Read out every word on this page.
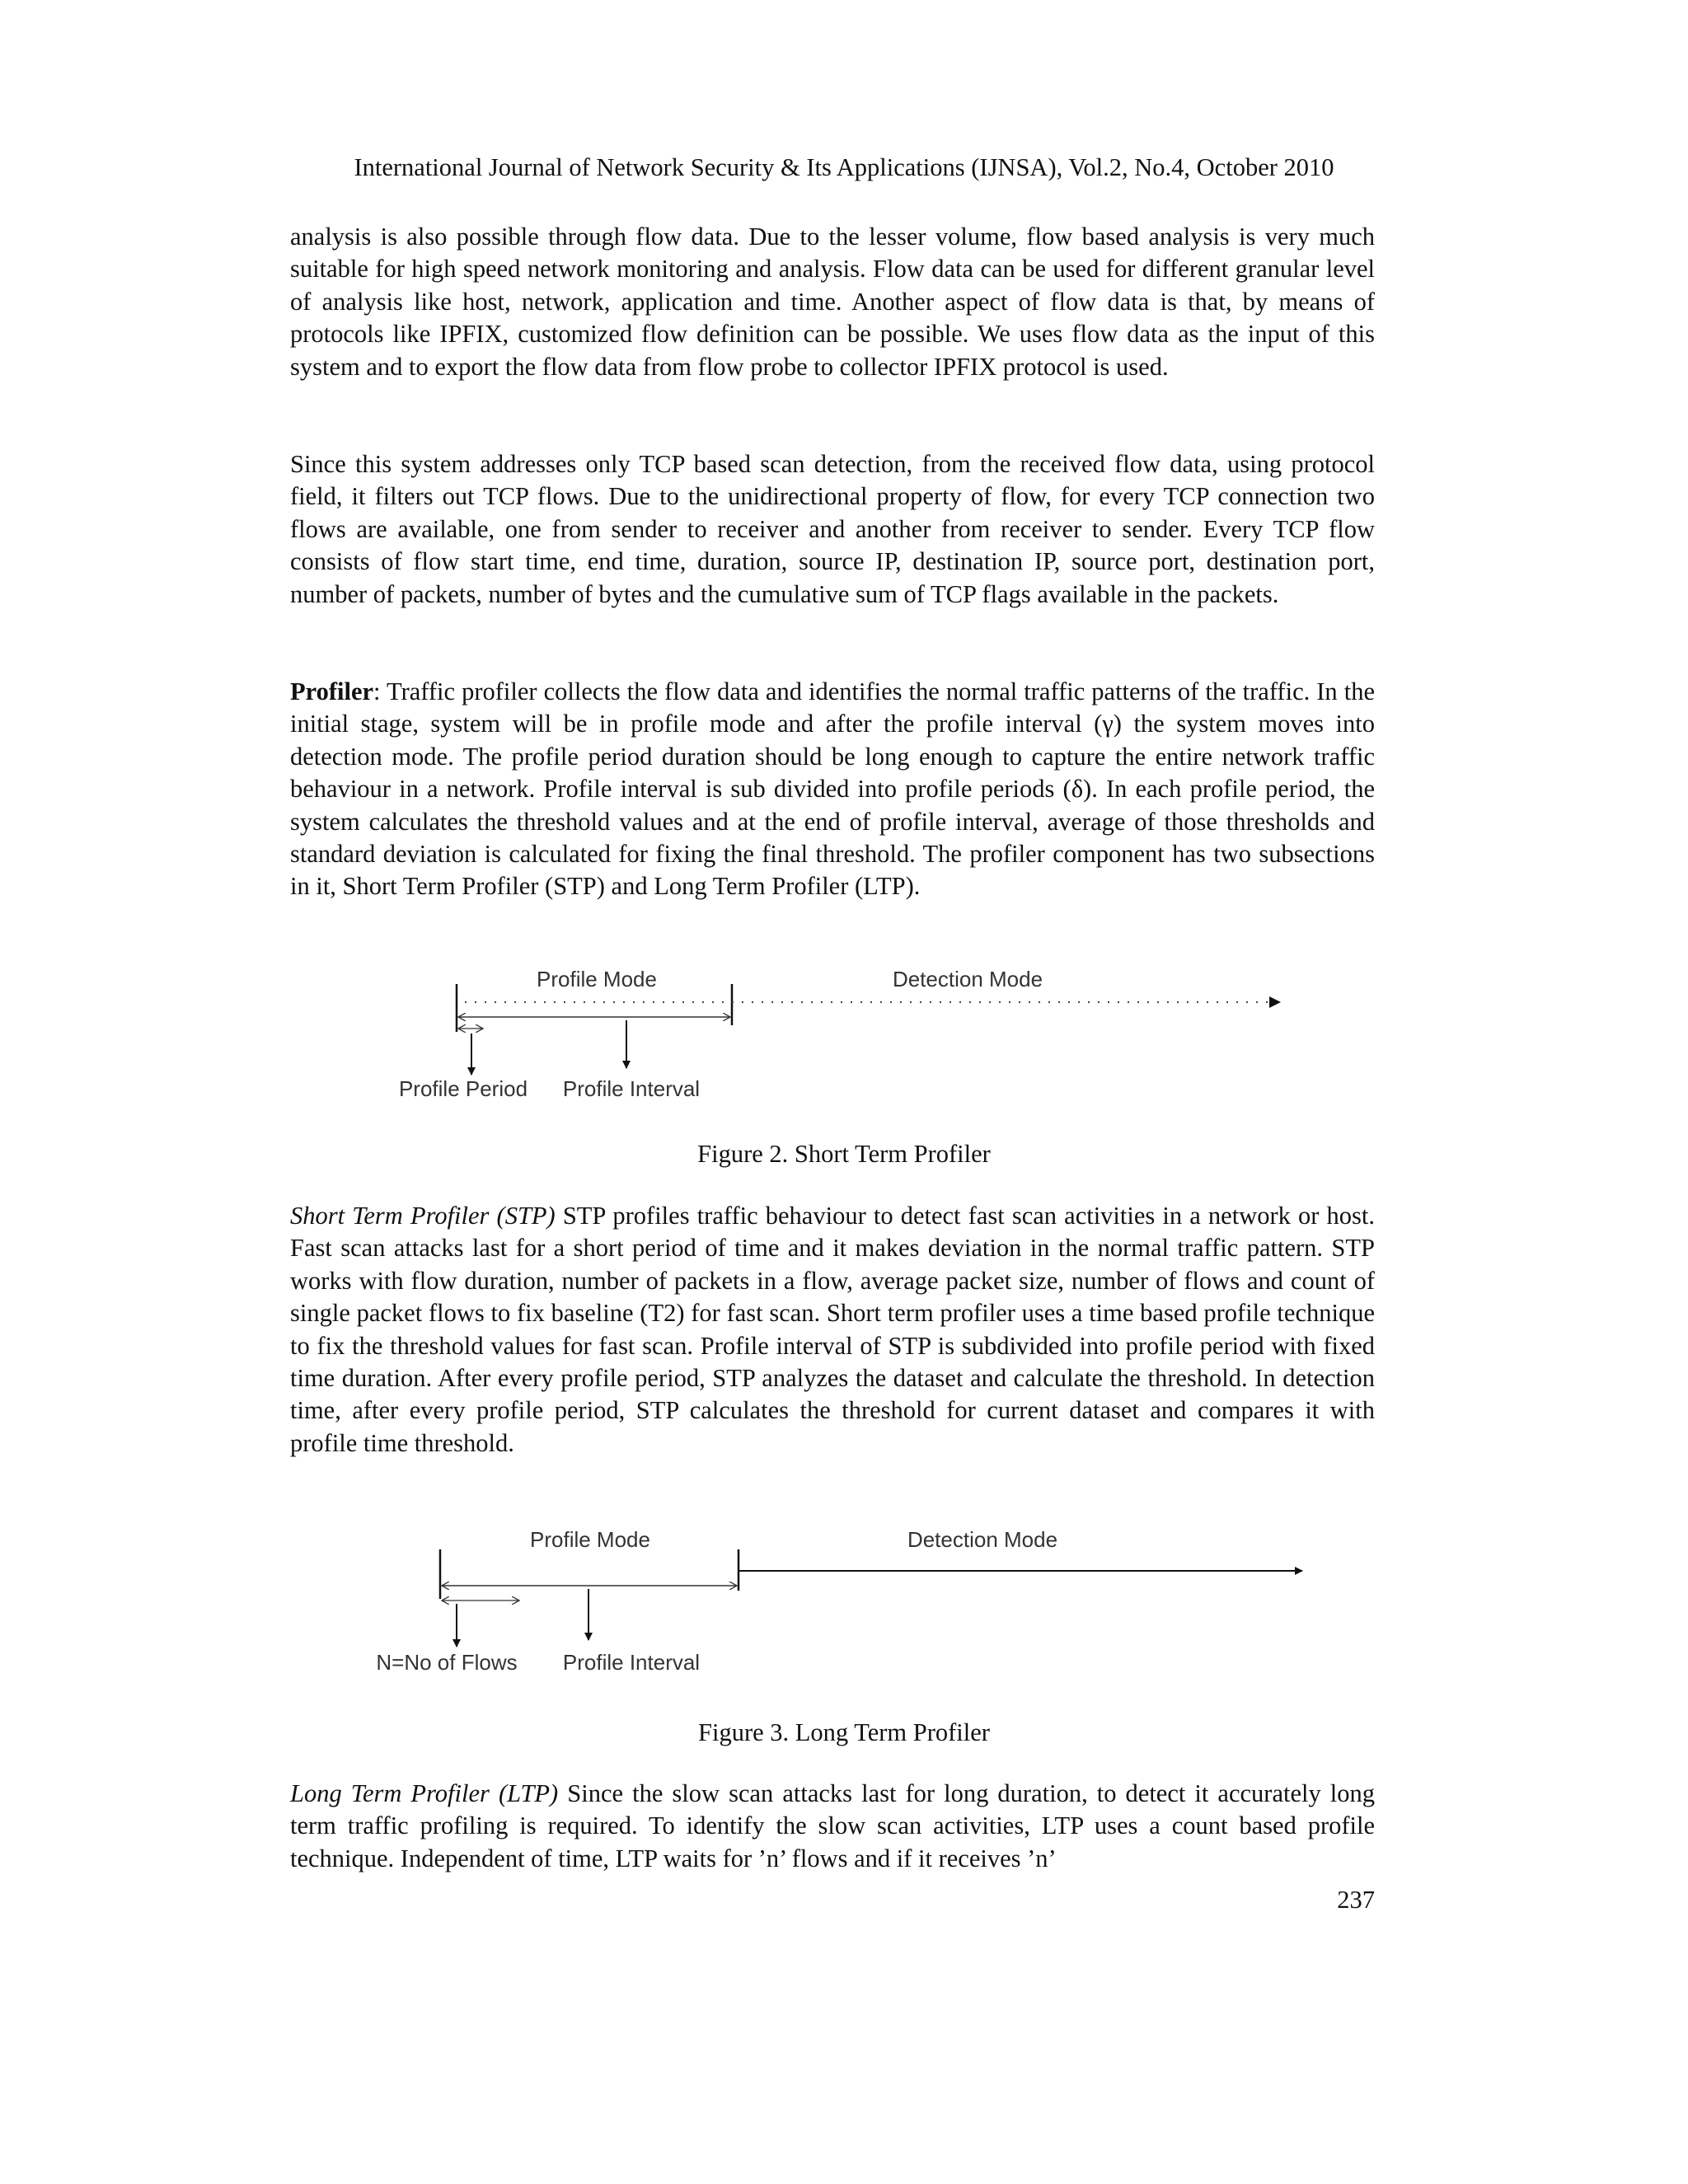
International Journal of Network Security & Its Applications (IJNSA), Vol.2, No.4, October 2010

analysis is also possible through flow data. Due to the lesser volume, flow based analysis is very much suitable for high speed network monitoring and analysis. Flow data can be used for different granular level of analysis like host, network, application and time. Another aspect of flow data is that, by means of protocols like IPFIX, customized flow definition can be possible. We uses flow data as the input of this system and to export the flow data from flow probe to collector IPFIX protocol is used.

Since this system addresses only TCP based scan detection, from the received flow data, using protocol field, it filters out TCP flows. Due to the unidirectional property of flow, for every TCP connection two flows are available, one from sender to receiver and another from receiver to sender. Every TCP flow consists of flow start time, end time, duration, source IP, destination IP, source port, destination port, number of packets, number of bytes and the cumulative sum of TCP flags available in the packets.

Profiler: Traffic profiler collects the flow data and identifies the normal traffic patterns of the traffic. In the initial stage, system will be in profile mode and after the profile interval (γ) the system moves into detection mode. The profile period duration should be long enough to capture the entire network traffic behaviour in a network. Profile interval is sub divided into profile periods (δ). In each profile period, the system calculates the threshold values and at the end of profile interval, average of those thresholds and standard deviation is calculated for fixing the final threshold. The profiler component has two subsections in it, Short Term Profiler (STP) and Long Term Profiler (LTP).

Profile Mode	Detection Mode
Profile Period Profile Interval
Figure 2. Short Term Profiler

Short Term Profiler (STP) STP profiles traffic behaviour to detect fast scan activities in a network or host. Fast scan attacks last for a short period of time and it makes deviation in the normal traffic pattern. STP works with flow duration, number of packets in a flow, average packet size, number of flows and count of single packet flows to fix baseline (T2) for fast scan. Short term profiler uses a time based profile technique to fix the threshold values for fast scan. Profile interval of STP is subdivided into profile period with fixed time duration. After every profile period, STP analyzes the dataset and calculate the threshold. In detection time, after every profile period, STP calculates the threshold for current dataset and compares it with profile time threshold.

Profile Mode	Detection Mode
N=No of Flows Profile Interval
Figure 3. Long Term Profiler

Long Term Profiler (LTP) Since the slow scan attacks last for long duration, to detect it accurately long term traffic profiling is required. To identify the slow scan activities, LTP uses a count based profile technique. Independent of time, LTP waits for ’n’ flows and if it receives ’n’

237
